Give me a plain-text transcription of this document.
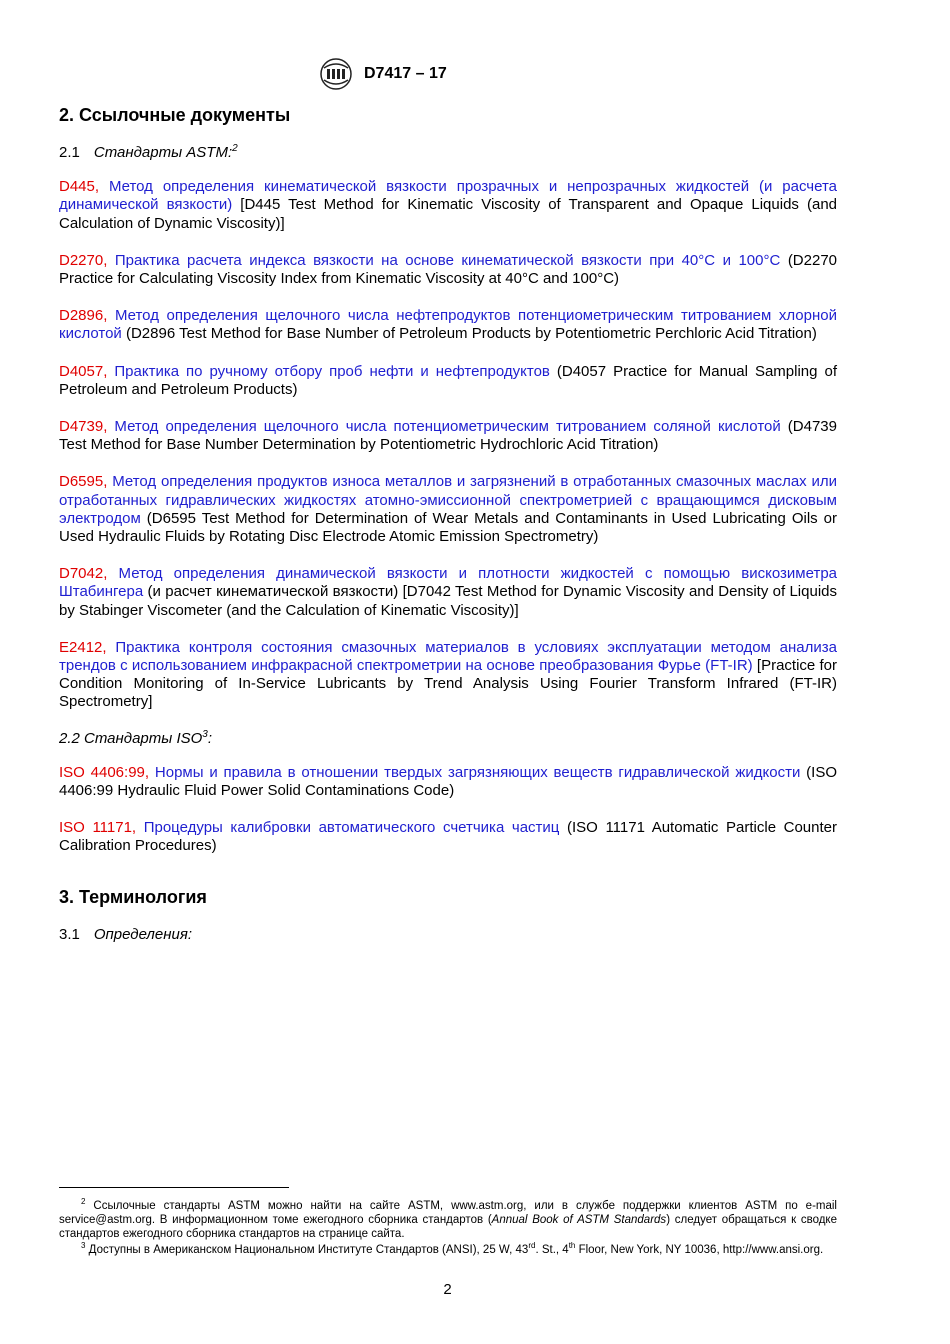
D7417 – 17
2. Ссылочные документы
2.1 Стандарты ASTM:$^2$

D445, Метод определения кинематической вязкости прозрачных и непрозрачных жидкостей (и расчета динамической вязкости) [D445 Test Method for Kinematic Viscosity of Transparent and Opaque Liquids (and Calculation of Dynamic Viscosity)]

D2270, Практика расчета индекса вязкости на основе кинематической вязкости при 40°С и 100°С (D2270 Practice for Calculating Viscosity Index from Kinematic Viscosity at 40°C and 100°C)

D2896, Метод определения щелочного числа нефтепродуктов потенциометрическим титрованием хлорной кислотой (D2896 Test Method for Base Number of Petroleum Products by Potentiometric Perchloric Acid Titration)

D4057, Практика по ручному отбору проб нефти и нефтепродуктов (D4057 Practice for Manual Sampling of Petroleum and Petroleum Products)

D4739, Метод определения щелочного числа потенциометрическим титрованием соляной кислотой (D4739 Test Method for Base Number Determination by Potentiometric Hydrochloric Acid Titration)

D6595, Метод определения продуктов износа металлов и загрязнений в отработанных смазочных маслах или отработанных гидравлических жидкостях атомно-эмиссионной спектрометрией с вращающимся дисковым электродом (D6595 Test Method for Determination of Wear Metals and Contaminants in Used Lubricating Oils or Used Hydraulic Fluids by Rotating Disc Electrode Atomic Emission Spectrometry)

D7042, Метод определения динамической вязкости и плотности жидкостей с помощью вискозиметра Штабингера (и расчет кинематической вязкости) [D7042 Test Method for Dynamic Viscosity and Density of Liquids by Stabinger Viscometer (and the Calculation of Kinematic Viscosity)]

E2412, Практика контроля состояния смазочных материалов в условиях эксплуатации методом анализа трендов с использованием инфракрасной спектрометрии на основе преобразования Фурье (FT-IR) [Practice for Condition Monitoring of In-Service Lubricants by Trend Analysis Using Fourier Transform Infrared (FT-IR) Spectrometry]

2.2 Стандарты ISO$^3$:

ISO 4406:99, Нормы и правила в отношении твердых загрязняющих веществ гидравлической жидкости (ISO 4406:99 Hydraulic Fluid Power Solid Contaminations Code)

ISO 11171, Процедуры калибровки автоматического счетчика частиц (ISO 11171 Automatic Particle Counter Calibration Procedures)

3. Терминология
3.1 Определения:

$^2$ Ссылочные стандарты ASTM можно найти на сайте ASTM, www.astm.org, или в службе поддержки клиентов ASTM по e-mail service@astm.org. В информационном томе ежегодного сборника стандартов (Annual Book of ASTM Standards) следует обращаться к сводке стандартов ежегодного сборника стандартов на странице сайта.

$^3$ Доступны в Американском Национальном Институте Стандартов (ANSI), 25 W, 43rd. St., 4th Floor, New York, NY 10036, http://www.ansi.org.

2
